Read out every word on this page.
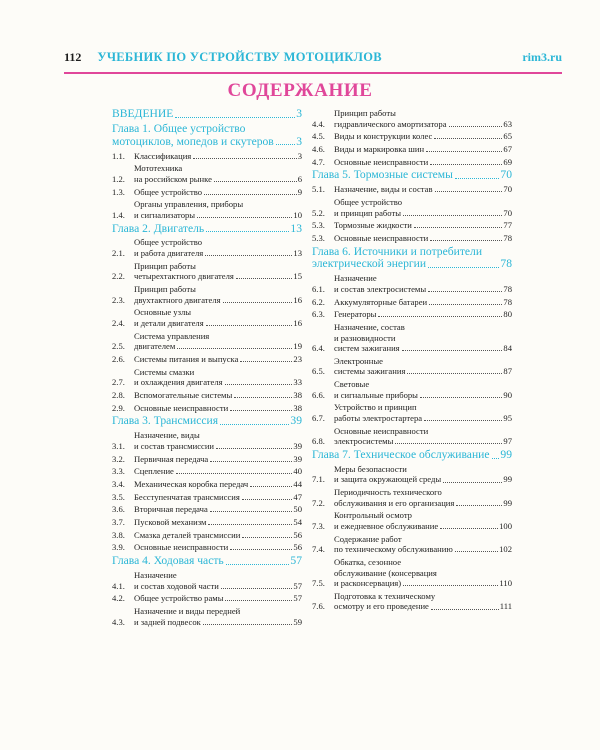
112 УЧЕБНИК ПО УСТРОЙСТВУ МОТОЦИКЛОВ	rim3.ru
СОДЕРЖАНИЕ
ВВЕДЕНИЕ	3
Глава 1. Общее устройство
мотоциклов, мопедов и скутеров 3
1.1.	Классификация	3
1.2.
Мототехника
на российском рынке	6
1.3.	Общее устройство	9
1.4.
Органы управления, приборы
и сигнализаторы	10
Глава 2. Двигатель	13
2.1.
Общее устройство
и работа двигателя	13
2.2.
Принцип работы
четырехтактного двигателя	15
2.3.
Принцип работы
двухтактного двигателя	16
2.4.
Основные узлы
и детали двигателя	16
2.5.
Система управления
двигателем	19
2.6.	Системы питания и выпуска	23
2.7.
Системы смазки
и охлаждения двигателя	33
2.8.	Вспомогательные системы	38
2.9.	Основные неисправности	38
Глава 3. Трансмиссия	39
3.1.
Назначение, виды
и состав трансмиссии	39
3.2.	Первичная передача	39
3.3.	Сцепление	40
3.4.	Механическая коробка передач	44
3.5.	Бесступенчатая трансмиссия	47
3.6.	Вторичная передача	50
3.7.	Пусковой механизм	54
3.8.	Смазка деталей трансмиссии	56
3.9.	Основные неисправности	56
Глава 4. Ходовая часть	57
4.1.
Назначение
и состав ходовой части	57
4.2.	Общее устройство рамы	57
4.3.
Назначение и виды передней
и задней подвесок	59
4.4.
Принцип работы
гидравлического амортизатора	63
4.5.	Виды и конструкции колес	65
4.6.	Виды и маркировка шин	67
4.7.	Основные неисправности	69
Глава 5. Тормозные системы	70
5.1.	Назначение, виды и состав	70
5.2.
Общее устройство
и принцип работы	70
5.3.	Тормозные жидкости	77
5.3.	Основные неисправности	78
Глава 6. Источники и потребители
электрической энергии	78
6.1.
Назначение
и состав электросистемы	78
6.2.	Аккумуляторные батареи	78
6.3.	Генераторы	80
6.4.
Назначение, состав
и разновидности
систем зажигания	84
6.5.
Электронные
системы зажигания	87
6.6.
Световые
и сигнальные приборы	90
6.7.
Устройство и принцип
работы электростартера	95
6.8.
Основные неисправности
электросистемы	97
Глава 7. Техническое обслуживание 99
7.1.
Меры безопасности
и защита окружающей среды	99
7.2.
Периодичность технического
обслуживания и его организация	99
7.3.
Контрольный осмотр
и ежедневное обслуживание	100
7.4.
Содержание работ
по техническому обслуживанию	102
7.5.
Обкатка, сезонное
обслуживание (консервация
и расконсервация)	110
7.6.
Подготовка к техническому
осмотру и его проведение	111
